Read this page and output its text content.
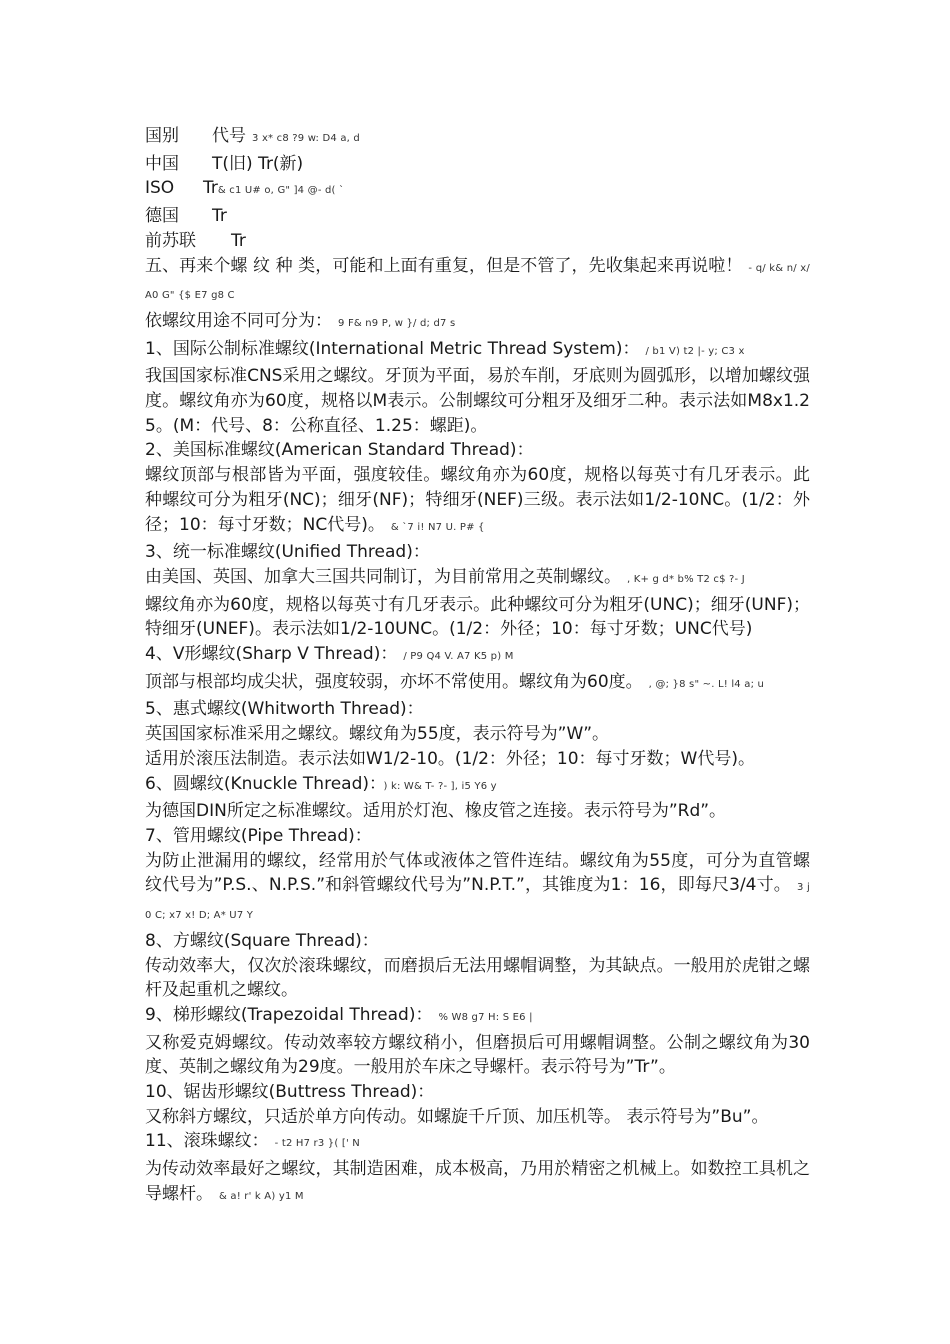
国别 代号 3 x* c8 ?9 w: D4 a, d
中国 T(旧) Tr(新)
ISO Tr& c1 U# o, G" ]4 @- d( `
德国 Tr
前苏联 Tr
五、再来个螺 纹 种 类，可能和上面有重复，但是不管了，先收集起来再说啦！ - q/ k& n/ x/ A0 G" {$ E7 g8 C
依螺纹用途不同可分为： 9 F& n9 P, w }/ d; d7 s
1、国际公制标准螺纹(International Metric Thread System)： / b1 V) t2 |- y; C3 x
我国国家标准CNS采用之螺纹。牙顶为平面，易於车削，牙底则为圆弧形，以增加螺纹强度。螺纹角亦为60度，规格以M表示。公制螺纹可分粗牙及细牙二种。表示法如M8x1.25。(M：代号、8：公称直径、1.25：螺距)。
2、美国标准螺纹(American Standard Thread)：
螺纹顶部与根部皆为平面，强度较佳。螺纹角亦为60度，规格以每英寸有几牙表示。此种螺纹可分为粗牙(NC)；细牙(NF)；特细牙(NEF)三级。表示法如1/2-10NC。(1/2：外径；10：每寸牙数；NC代号)。 & `7 i! N7 U. P# {
3、统一标准螺纹(Unified Thread)：
由美国、英国、加拿大三国共同制订，为目前常用之英制螺纹。 , K+ g d* b% T2 c$ ?- J
螺纹角亦为60度，规格以每英寸有几牙表示。此种螺纹可分为粗牙(UNC)；细牙(UNF)；特细牙(UNEF)。表示法如1/2-10UNC。(1/2：外径；10：每寸牙数；UNC代号)
4、V形螺纹(Sharp V Thread)： / P9 Q4 V. A7 K5 p) M
顶部与根部均成尖状，强度较弱，亦坏不常使用。螺纹角为60度。 , @; }8 s" ~. L! l4 a; u
5、惠式螺纹(Whitworth Thread)：
英国国家标准采用之螺纹。螺纹角为55度，表示符号为”W”。
适用於滚压法制造。表示法如W1/2-10。(1/2：外径；10：每寸牙数；W代号)。
6、圆螺纹(Knuckle Thread)： ) k: W& T- ?- ], i5 Y6 y
为德国DIN所定之标准螺纹。适用於灯泡、橡皮管之连接。表示符号为”Rd”。
7、管用螺纹(Pipe Thread)：
为防止泄漏用的螺纹，经常用於气体或液体之管件连结。螺纹角为55度，可分为直管螺纹代号为”P.S.、N.P.S.”和斜管螺纹代号为”N.P.T.”，其锥度为1：16，即每尺3/4寸。 3 j0 C; x7 x! D; A* U7 Y
8、方螺纹(Square Thread)：
传动效率大，仅次於滚珠螺纹，而磨损后无法用螺帽调整，为其缺点。一般用於虎钳之螺杆及起重机之螺纹。
9、梯形螺纹(Trapezoidal Thread)： % W8 g7 H: S E6 |
又称爱克姆螺纹。传动效率较方螺纹稍小，但磨损后可用螺帽调整。公制之螺纹角为30度、英制之螺纹角为29度。一般用於车床之导螺杆。表示符号为”Tr”。
10、锯齿形螺纹(Buttress Thread)：
又称斜方螺纹，只适於单方向传动。如螺旋千斤顶、加压机等。 表示符号为”Bu”。
11、滚珠螺纹： - t2 H7 r3 }( [' N
为传动效率最好之螺纹，其制造困难，成本极高，乃用於精密之机械上。如数控工具机之导螺杆。 & a! r' k A) y1 M
